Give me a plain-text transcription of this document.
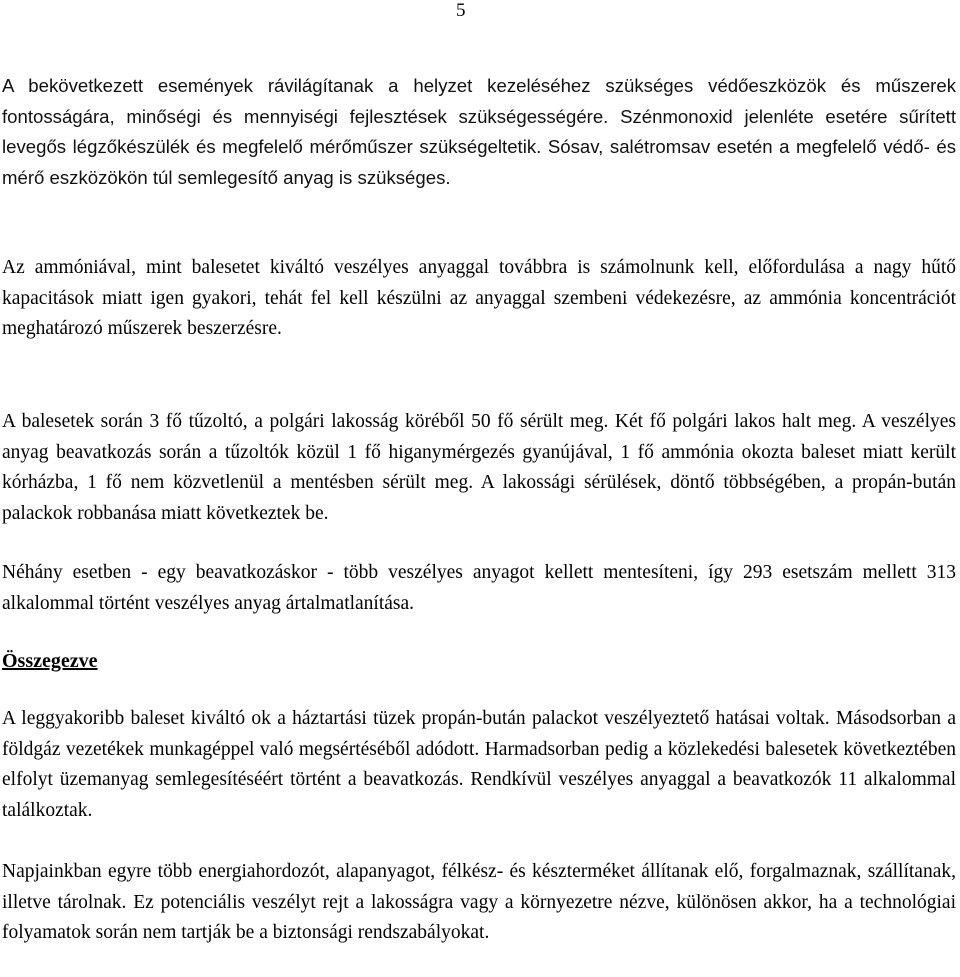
5

A bekövetkezett események rávilágítanak a helyzet kezeléséhez szükséges védőeszközök és műszerek fontosságára, minőségi és mennyiségi fejlesztések szükségességére. Szénmonoxid jelenléte esetére sűrített levegős légzőkészülék és megfelelő mérőműszer szükségeltetik. Sósav, salétromsav esetén a megfelelő védő- és mérő eszközökön túl semlegesítő anyag is szükséges.

Az ammóniával, mint balesetet kiváltó veszélyes anyaggal továbbra is számolnunk kell, előfordulása a nagy hűtő kapacitások miatt igen gyakori, tehát fel kell készülni az anyaggal szembeni védekezésre, az ammónia koncentrációt meghatározó műszerek beszerzésre.

A balesetek során 3 fő tűzoltó, a polgári lakosság köréből 50 fő sérült meg. Két fő polgári lakos halt meg. A veszélyes anyag beavatkozás során a tűzoltók közül 1 fő higanymérgezés gyanújával, 1 fő ammónia okozta baleset miatt került kórházba, 1 fő nem közvetlenül a mentésben sérült meg. A lakossági sérülések, döntő többségében, a propán-bután palackok robbanása miatt következtek be.

Néhány esetben - egy beavatkozáskor - több veszélyes anyagot kellett mentesíteni, így 293 esetszám mellett 313 alkalommal történt veszélyes anyag ártalmatlanítása.

Összegezve

A leggyakoribb baleset kiváltó ok a háztartási tüzek propán-bután palackot veszélyeztető hatásai voltak. Másodsorban a földgáz vezetékek munkagéppel való megsértéséből adódott. Harmadsorban pedig a közlekedési balesetek következtében elfolyt üzemanyag semlegesítéséért történt a beavatkozás. Rendkívül veszélyes anyaggal a beavatkozók 11 alkalommal találkoztak.

Napjainkban egyre több energiahordozót, alapanyagot, félkész- és készterméket állítanak elő, forgalmaznak, szállítanak, illetve tárolnak. Ez potenciális veszélyt rejt a lakosságra vagy a környezetre nézve, különösen akkor, ha a technológiai folyamatok során nem tartják be a biztonsági rendszabályokat.
